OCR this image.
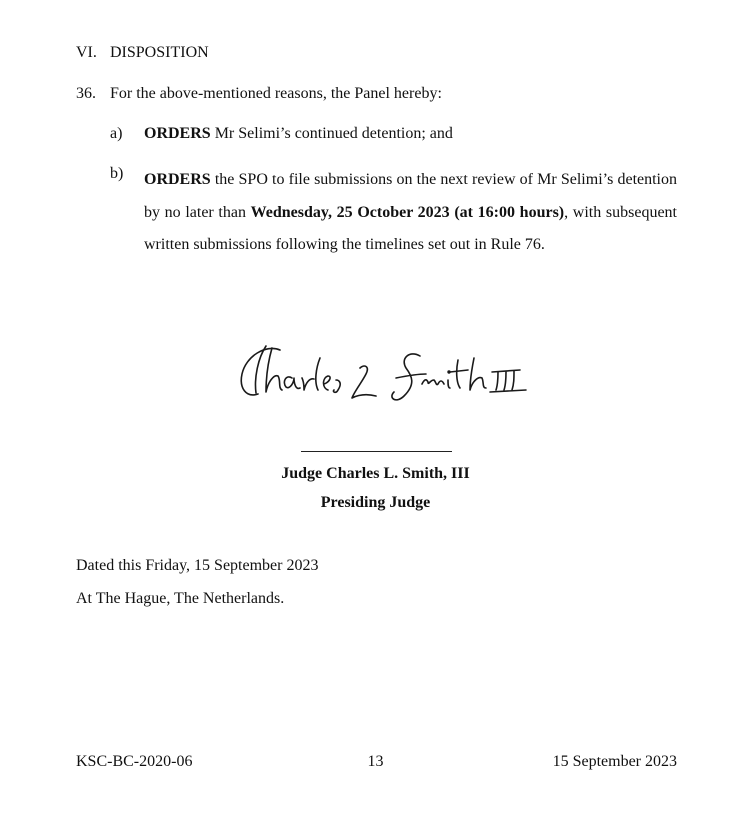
VI. DISPOSITION
36. For the above-mentioned reasons, the Panel hereby:
a) ORDERS Mr Selimi’s continued detention; and
b)	ORDERS the SPO to file submissions on the next review of Mr Selimi’s detention by no later than Wednesday, 25 October 2023 (at 16:00 hours), with subsequent written submissions following the timelines set out in Rule 76.

Judge Charles L. Smith, III
Presiding Judge
Dated this Friday, 15 September 2023
At The Hague, The Netherlands.
KSC-BC-2020-06	13	15 September 2023
